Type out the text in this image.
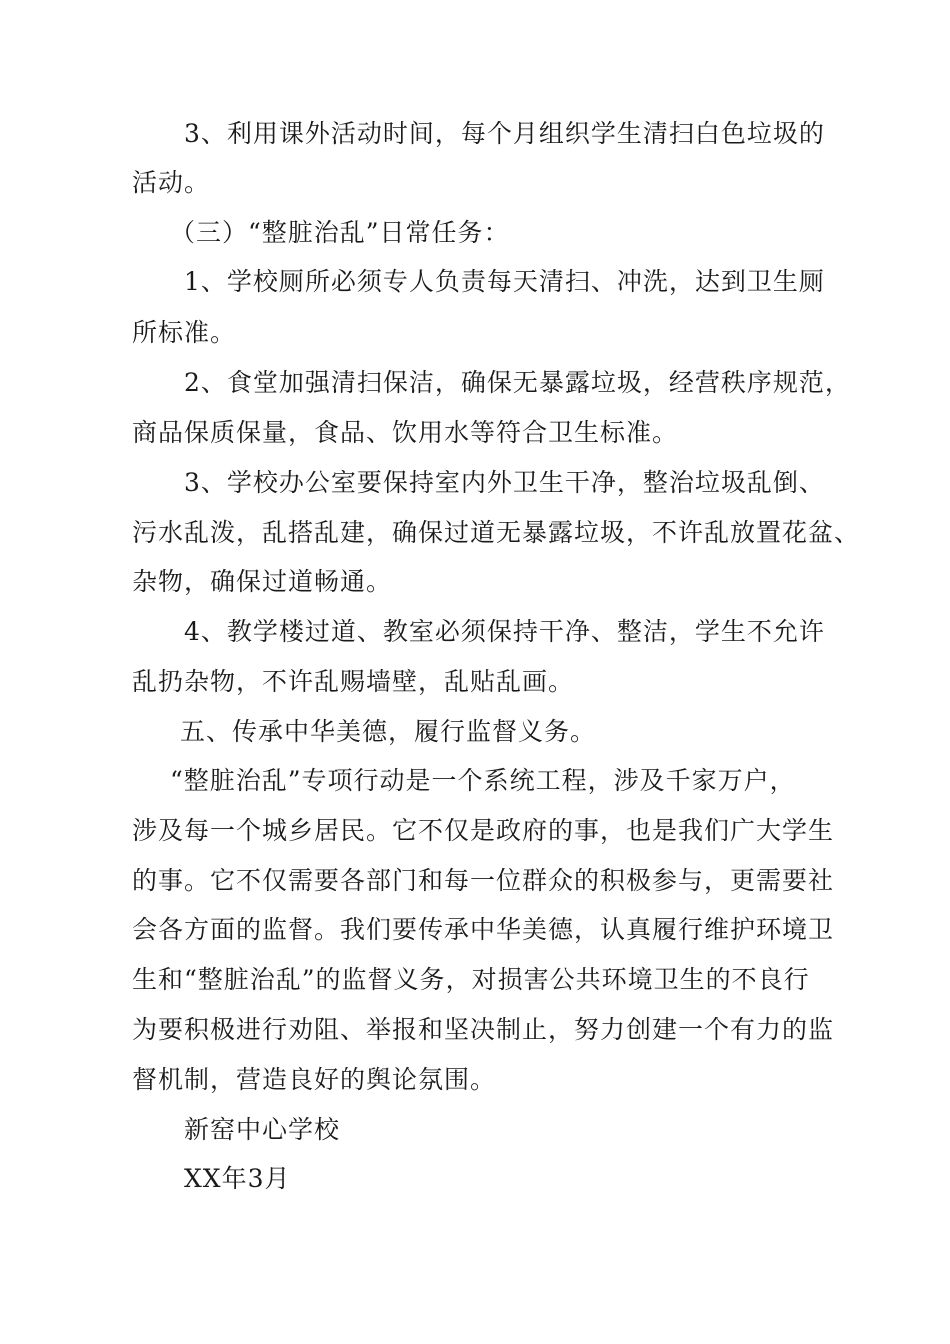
3、利用课外活动时间，每个月组织学生清扫白色垃圾的
活动。
（三）“整脏治乱”日常任务：
1、学校厕所必须专人负责每天清扫、冲洗，达到卫生厕
所标准。
2、食堂加强清扫保洁，确保无暴露垃圾，经营秩序规范，
商品保质保量，食品、饮用水等符合卫生标准。
3、学校办公室要保持室内外卫生干净，整治垃圾乱倒、
污水乱泼，乱搭乱建，确保过道无暴露垃圾，不许乱放置花盆、
杂物，确保过道畅通。
4、教学楼过道、教室必须保持干净、整洁，学生不允许
乱扔杂物，不许乱赐墙壁，乱贴乱画。
五、传承中华美德，履行监督义务。
“整脏治乱”专项行动是一个系统工程，涉及千家万户，
涉及每一个城乡居民。它不仅是政府的事，也是我们广大学生
的事。它不仅需要各部门和每一位群众的积极参与，更需要社
会各方面的监督。我们要传承中华美德，认真履行维护环境卫
生和“整脏治乱”的监督义务，对损害公共环境卫生的不良行
为要积极进行劝阻、举报和坚决制止，努力创建一个有力的监
督机制，营造良好的舆论氛围。
新窑中心学校
XX年3月
